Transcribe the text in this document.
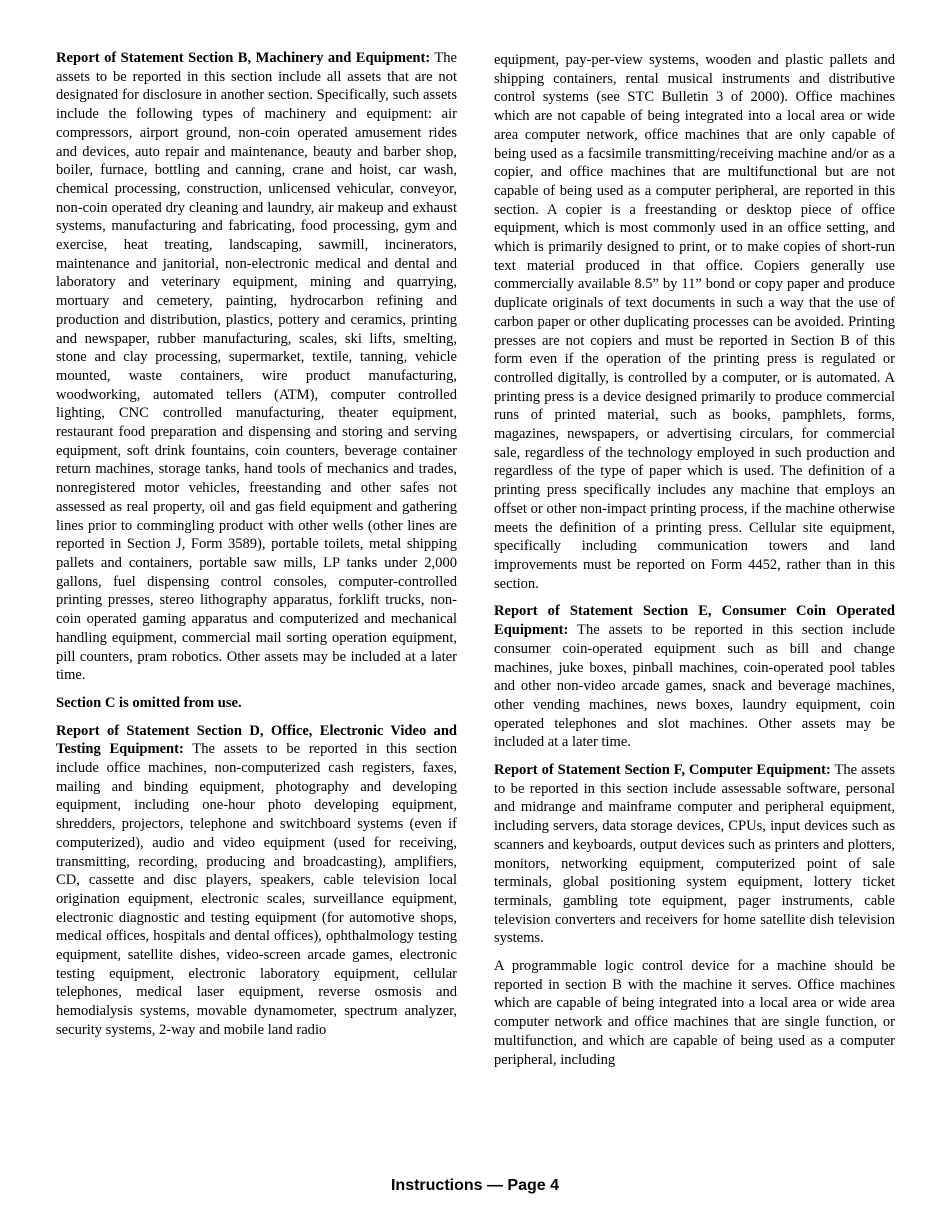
Report of Statement Section B, Machinery and Equipment: The assets to be reported in this section include all assets that are not designated for disclosure in another section. Specifically, such assets include the following types of machinery and equipment: air compressors, airport ground, non-coin operated amusement rides and devices, auto repair and maintenance, beauty and barber shop, boiler, furnace, bottling and canning, crane and hoist, car wash, chemical processing, construction, unlicensed vehicular, conveyor, non-coin operated dry cleaning and laundry, air makeup and exhaust systems, manufacturing and fabricating, food processing, gym and exercise, heat treating, landscaping, sawmill, incinerators, maintenance and janitorial, non-electronic medical and dental and laboratory and veterinary equipment, mining and quarrying, mortuary and cemetery, painting, hydrocarbon refining and production and distribution, plastics, pottery and ceramics, printing and newspaper, rubber manufacturing, scales, ski lifts, smelting, stone and clay processing, supermarket, textile, tanning, vehicle mounted, waste containers, wire product manufacturing, woodworking, automated tellers (ATM), computer controlled lighting, CNC controlled manufacturing, theater equipment, restaurant food preparation and dispensing and storing and serving equipment, soft drink fountains, coin counters, beverage container return machines, storage tanks, hand tools of mechanics and trades, nonregistered motor vehicles, freestanding and other safes not assessed as real property, oil and gas field equipment and gathering lines prior to commingling product with other wells (other lines are reported in Section J, Form 3589), portable toilets, metal shipping pallets and containers, portable saw mills, LP tanks under 2,000 gallons, fuel dispensing control consoles, computer-controlled printing presses, stereo lithography apparatus, forklift trucks, non-coin operated gaming apparatus and computerized and mechanical handling equipment, commercial mail sorting operation equipment, pill counters, pram robotics. Other assets may be included at a later time.

Section C is omitted from use.

Report of Statement Section D, Office, Electronic Video and Testing Equipment: The assets to be reported in this section include office machines, non-computerized cash registers, faxes, mailing and binding equipment, photography and developing equipment, including one-hour photo developing equipment, shredders, projectors, telephone and switchboard systems (even if computerized), audio and video equipment (used for receiving, transmitting, recording, producing and broadcasting), amplifiers, CD, cassette and disc players, speakers, cable television local origination equipment, electronic scales, surveillance equipment, electronic diagnostic and testing equipment (for automotive shops, medical offices, hospitals and dental offices), ophthalmology testing equipment, satellite dishes, video-screen arcade games, electronic testing equipment, electronic laboratory equipment, cellular telephones, medical laser equipment, reverse osmosis and hemodialysis systems, movable dynamometer, spectrum analyzer, security systems, 2-way and mobile land radio

equipment, pay-per-view systems, wooden and plastic pallets and shipping containers, rental musical instruments and distributive control systems (see STC Bulletin 3 of 2000). Office machines which are not capable of being integrated into a local area or wide area computer network, office machines that are only capable of being used as a facsimile transmitting/receiving machine and/or as a copier, and office machines that are multifunctional but are not capable of being used as a computer peripheral, are reported in this section. A copier is a freestanding or desktop piece of office equipment, which is most commonly used in an office setting, and which is primarily designed to print, or to make copies of short-run text material produced in that office. Copiers generally use commercially available 8.5” by 11” bond or copy paper and produce duplicate originals of text documents in such a way that the use of carbon paper or other duplicating processes can be avoided. Printing presses are not copiers and must be reported in Section B of this form even if the operation of the printing press is regulated or controlled digitally, is controlled by a computer, or is automated. A printing press is a device designed primarily to produce commercial runs of printed material, such as books, pamphlets, forms, magazines, newspapers, or advertising circulars, for commercial sale, regardless of the technology employed in such production and regardless of the type of paper which is used. The definition of a printing press specifically includes any machine that employs an offset or other non-impact printing process, if the machine otherwise meets the definition of a printing press. Cellular site equipment, specifically including communication towers and land improvements must be reported on Form 4452, rather than in this section.

Report of Statement Section E, Consumer Coin Operated Equipment: The assets to be reported in this section include consumer coin-operated equipment such as bill and change machines, juke boxes, pinball machines, coin-operated pool tables and other non-video arcade games, snack and beverage machines, other vending machines, news boxes, laundry equipment, coin operated telephones and slot machines. Other assets may be included at a later time.

Report of Statement Section F, Computer Equipment: The assets to be reported in this section include assessable software, personal and midrange and mainframe computer and peripheral equipment, including servers, data storage devices, CPUs, input devices such as scanners and keyboards, output devices such as printers and plotters, monitors, networking equipment, computerized point of sale terminals, global positioning system equipment, lottery ticket terminals, gambling tote equipment, pager instruments, cable television converters and receivers for home satellite dish television systems.

A programmable logic control device for a machine should be reported in section B with the machine it serves. Office machines which are capable of being integrated into a local area or wide area computer network and office machines that are single function, or multifunction, and which are capable of being used as a computer peripheral, including

Instructions — Page 4
